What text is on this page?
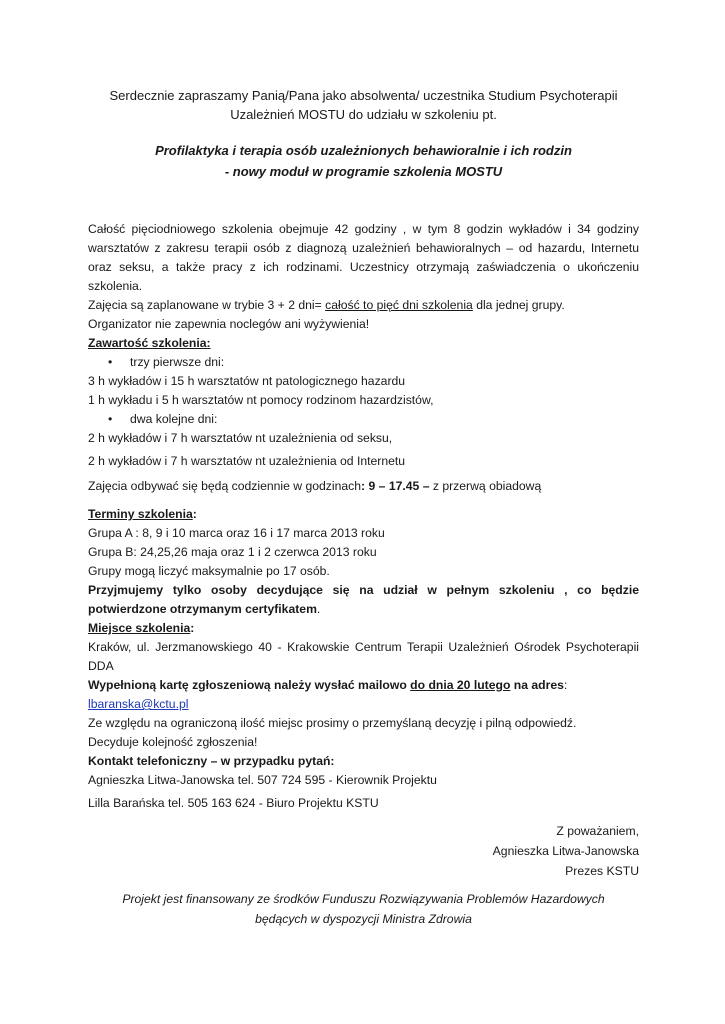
Serdecznie zapraszamy Panią/Pana jako absolwenta/ uczestnika Studium Psychoterapii

Uzależnień MOSTU do udziału w szkoleniu pt.

Profilaktyka i terapia osób uzależnionych behawioralnie i ich rodzin

- nowy moduł w programie szkolenia MOSTU

Całość pięciodniowego szkolenia obejmuje 42 godziny , w tym 8 godzin wykładów i 34 godziny warsztatów z zakresu terapii osób z diagnozą uzależnień behawioralnych – od hazardu, Internetu oraz seksu, a także pracy z ich rodzinami. Uczestnicy otrzymają zaświadczenia o ukończeniu szkolenia.

Zajęcia są zaplanowane w trybie 3 + 2 dni= całość to pięć dni szkolenia dla jednej grupy.

Organizator nie zapewnia noclegów ani wyżywienia!

Zawartość szkolenia:

• trzy pierwsze dni:

3 h wykładów i 15 h warsztatów nt patologicznego hazardu

1 h wykładu i 5 h warsztatów nt pomocy rodzinom hazardzistów,

• dwa kolejne dni:

2 h wykładów i 7 h warsztatów nt uzależnienia od seksu,

2 h wykładów i 7 h warsztatów nt uzależnienia od Internetu

Zajęcia odbywać się będą codziennie w godzinach: 9 – 17.45 – z przerwą obiadową

Terminy szkolenia:

Grupa A : 8, 9 i 10 marca oraz 16 i 17 marca 2013 roku

Grupa B: 24,25,26 maja oraz 1 i 2 czerwca 2013 roku

Grupy mogą liczyć maksymalnie po 17 osób.

Przyjmujemy tylko osoby decydujące się na udział w pełnym szkoleniu , co będzie potwierdzone otrzymanym certyfikatem.

Miejsce szkolenia:

Kraków, ul. Jerzmanowskiego 40 - Krakowskie Centrum Terapii Uzależnień Ośrodek Psychoterapii DDA

Wypełnioną kartę zgłoszeniową należy wysłać mailowo do dnia 20 lutego na adres:

lbaranska@kctu.pl

Ze względu na ograniczoną ilość miejsc prosimy o przemyślaną decyzję i pilną odpowiedź.

Decyduje kolejność zgłoszenia!

Kontakt telefoniczny – w przypadku pytań:

Agnieszka Litwa-Janowska tel. 507 724 595 - Kierownik Projektu

Lilla Barańska tel. 505 163 624 - Biuro Projektu KSTU

Z poważaniem,

Agnieszka Litwa-Janowska

Prezes KSTU

Projekt jest finansowany ze środków Funduszu Rozwiązywania Problemów Hazardowych
będących w dyspozycji Ministra Zdrowia
